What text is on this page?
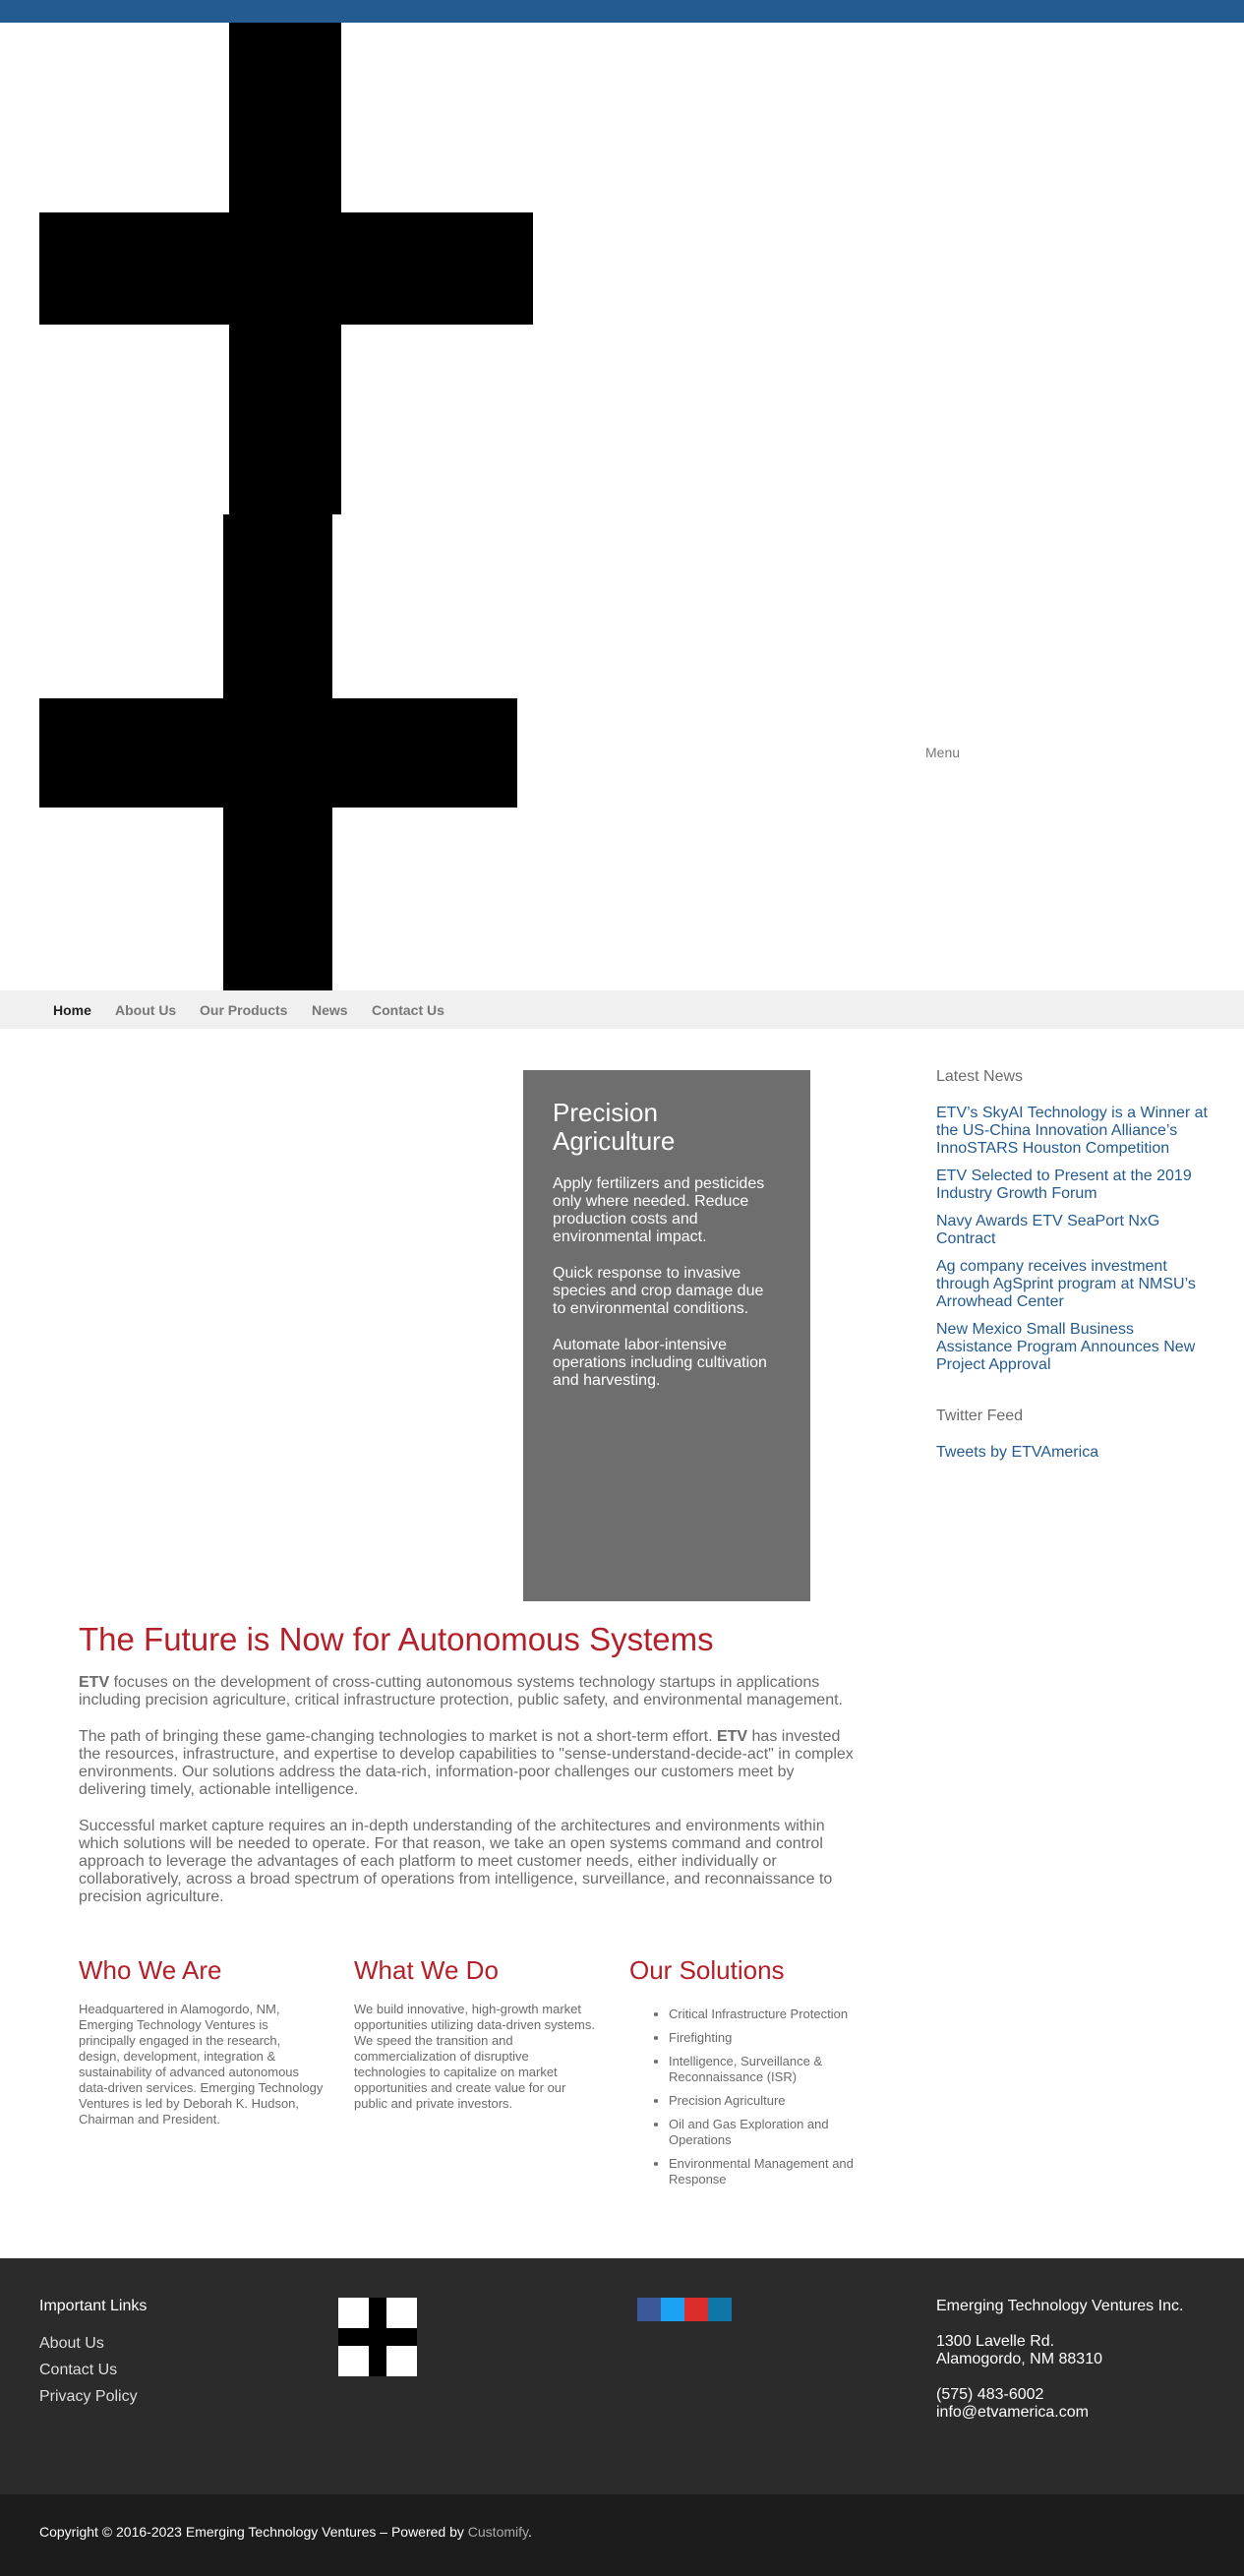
Menu
Home About Us Our Products News Contact Us
Precision Agriculture

Apply fertilizers and pesticides only where needed. Reduce production costs and environmental impact.

Quick response to invasive species and crop damage due to environmental conditions.

Automate labor-intensive operations including cultivation and harvesting.

Latest News
ETV’s SkyAI Technology is a Winner at the US-China Innovation Alliance’s InnoSTARS Houston Competition
ETV Selected to Present at the 2019 Industry Growth Forum
Navy Awards ETV SeaPort NxG Contract
Ag company receives investment through AgSprint program at NMSU’s Arrowhead Center
New Mexico Small Business Assistance Program Announces New Project Approval
Twitter Feed
Tweets by ETVAmerica
The Future is Now for Autonomous Systems

ETV focuses on the development of cross-cutting autonomous systems technology startups in applications including precision agriculture, critical infrastructure protection, public safety, and environmental management.

The path of bringing these game-changing technologies to market is not a short-term effort. ETV has invested the resources, infrastructure, and expertise to develop capabilities to "sense-understand-decide-act" in complex environments. Our solutions address the data-rich, information-poor challenges our customers meet by delivering timely, actionable intelligence.

Successful market capture requires an in-depth understanding of the architectures and environments within which solutions will be needed to operate. For that reason, we take an open systems command and control approach to leverage the advantages of each platform to meet customer needs, either individually or collaboratively, across a broad spectrum of operations from intelligence, surveillance, and reconnaissance to precision agriculture.

Who We Are

Headquartered in Alamogordo, NM, Emerging Technology Ventures is principally engaged in the research, design, development, integration & sustainability of advanced autonomous data-driven services. Emerging Technology Ventures is led by Deborah K. Hudson, Chairman and President.

What We Do

We build innovative, high-growth market opportunities utilizing data-driven systems. We speed the transition and commercialization of disruptive technologies to capitalize on market opportunities and create value for our public and private investors.

Our Solutions
• Critical Infrastructure Protection
• Firefighting
• Intelligence, Surveillance & Reconnaissance (ISR)
• Precision Agriculture
• Oil and Gas Exploration and Operations
• Environmental Management and Response
Important Links
About Us
Contact Us
Privacy Policy
Emerging Technology Ventures Inc.

1300 Lavelle Rd.
Alamogordo, NM 88310

(575) 483-6002
info@etvamerica.com

Copyright © 2016-2023 Emerging Technology Ventures – Powered by Customify.
